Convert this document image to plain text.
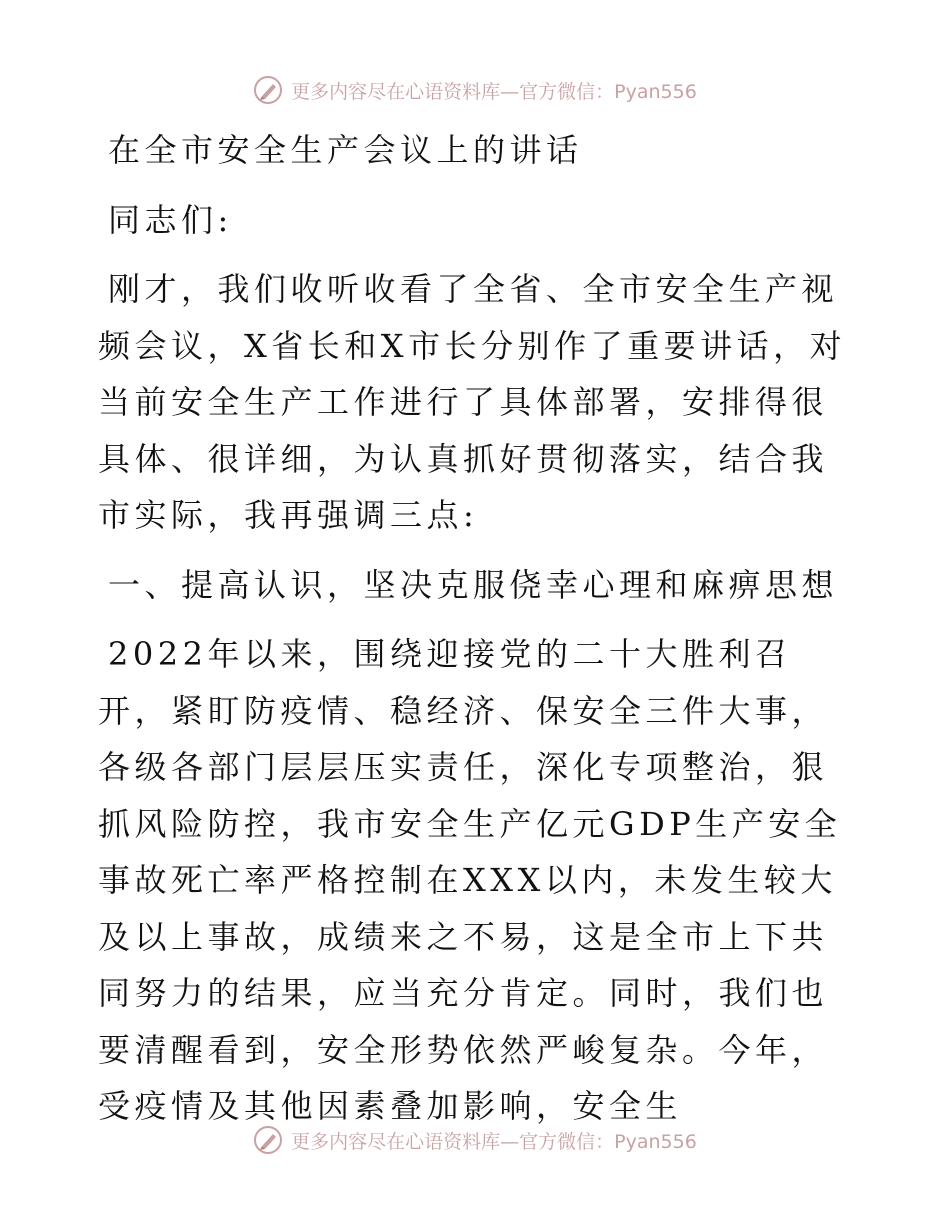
更多内容尽在心语资料库—官方微信：Pyan556

在全市安全生产会议上的讲话

同志们:

刚才，我们收听收看了全省、全市安全生产视频会议，X省长和X市长分别作了重要讲话，对当前安全生产工作进行了具体部署，安排得很具体、很详细，为认真抓好贯彻落实，结合我市实际，我再强调三点:

一、提高认识，坚决克服侥幸心理和麻痹思想

2022年以来，围绕迎接党的二十大胜利召开，紧盯防疫情、稳经济、保安全三件大事，各级各部门层层压实责任，深化专项整治，狠抓风险防控，我市安全生产亿元GDP生产安全事故死亡率严格控制在XXX以内，未发生较大及以上事故，成绩来之不易，这是全市上下共同努力的结果，应当充分肯定。同时，我们也要清醒看到，安全形势依然严峻复杂。今年，受疫情及其他因素叠加影响，安全生

更多内容尽在心语资料库—官方微信：Pyan556
